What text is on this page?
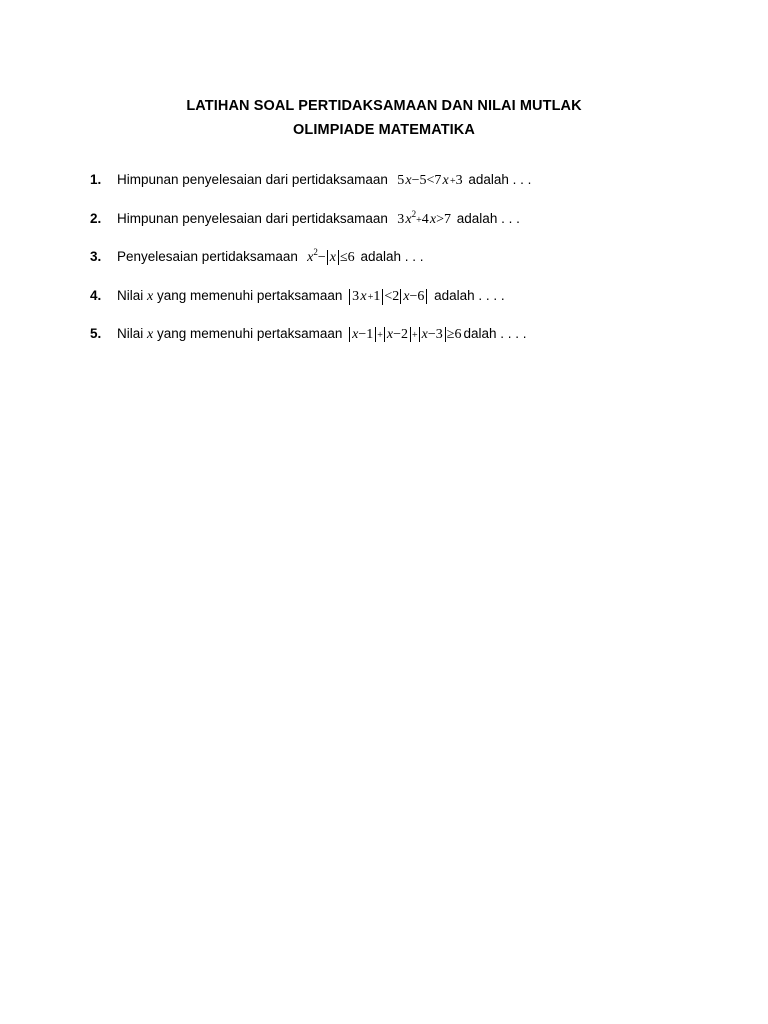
LATIHAN SOAL PERTIDAKSAMAAN DAN NILAI MUTLAK
OLIMPIADE MATEMATIKA
1. Himpunan penyelesaian dari pertidaksamaan  5 x−5<7 x +3 adalah . . .
2. Himpunan penyelesaian dari pertidaksamaan  3 $x^2+4$ x>7 adalah . . .
3. Penyelesaian pertidaksamaan $x^2- x \le 6$ adalah . . .
4. Nilai x yang memenuhi pertaksamaan 3 x +1 <2 x−6 adalah . . . .
5. Nilai x yang memenuhi pertaksamaan x−1 + x−2 + x−3 ≥6 dalah . . . .
